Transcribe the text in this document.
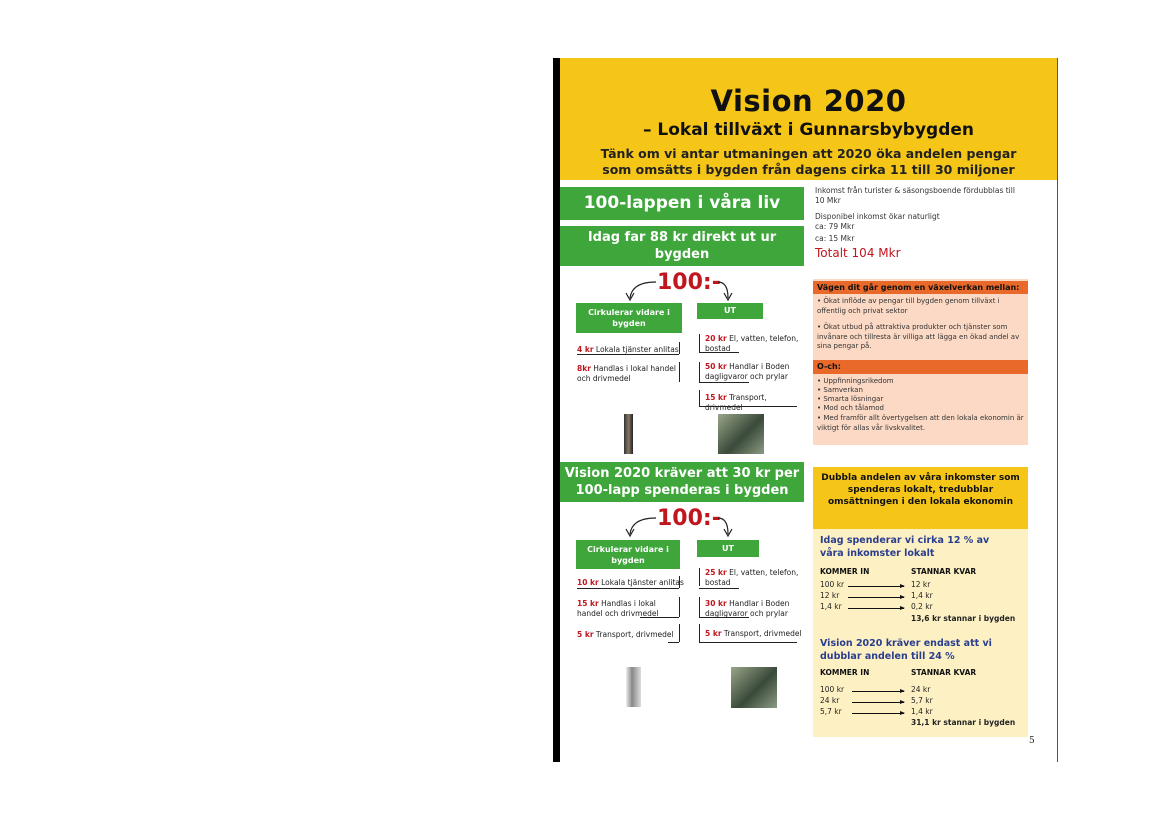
Vision 2020
– Lokal tillväxt i Gunnarsbybygden

Tänk om vi antar utmaningen att 2020 öka andelen pengar som omsätts i bygden från dagens cirka 11 till 30 miljoner

100-lappen i våra liv
Idag far 88 kr direkt ut ur bygden
100:-
Cirkulerar vidare i bygden
UT
4 kr Lokala tjänster anlitas
8kr Handlas i lokal handel och drivmedel
20 kr El, vatten, telefon, bostad
50 kr Handlar i Boden dagligvaror och prylar
15 kr Transport, drivmedel
Vision 2020 kräver att 30 kr per 100-lapp spenderas i bygden
100:-
Cirkulerar vidare i bygden
UT
10 kr Lokala tjänster anlitas
15 kr Handlas i lokal handel och drivmedel
5 kr Transport, drivmedel
25 kr El, vatten, telefon, bostad
30 kr Handlar i Boden dagligvaror och prylar
5 kr Transport, drivmedel
Inkomst från turister & säsongsboende fördubblas till 10 Mkr
Disponibel inkomst ökar naturligt
ca: 79 Mkr
ca: 15 Mkr
Totalt 104 Mkr
Vägen dit går genom en växelverkan mellan:
• Ökat inflöde av pengar till bygden genom tillväxt i offentlig och privat sektor
• Ökat utbud på attraktiva produkter och tjänster som invånare och tillresta är villiga att lägga en ökad andel av sina pengar på.
O-ch:
• Uppfinningsrikedom
• Samverkan
• Smarta lösningar
• Mod och tålamod
• Med framför allt övertygelsen att den lokala ekonomin är viktigt för allas vår livskvalitet.
Dubbla andelen av våra inkomster som spenderas lokalt, tredubblar omsättningen i den lokala ekonomin
Idag spenderar vi cirka 12 % av våra inkomster lokalt
KOMMER IN	STANNAR KVAR
100 kr	12 kr
12 kr	1,4 kr
1,4 kr	0,2 kr
13,6 kr stannar i bygden
Vision 2020 kräver endast att vi dubblar andelen till 24 %
KOMMER IN	STANNAR KVAR
100 kr	24 kr
24 kr	5,7 kr
5,7 kr	1,4 kr
31,1 kr stannar i bygden
5
